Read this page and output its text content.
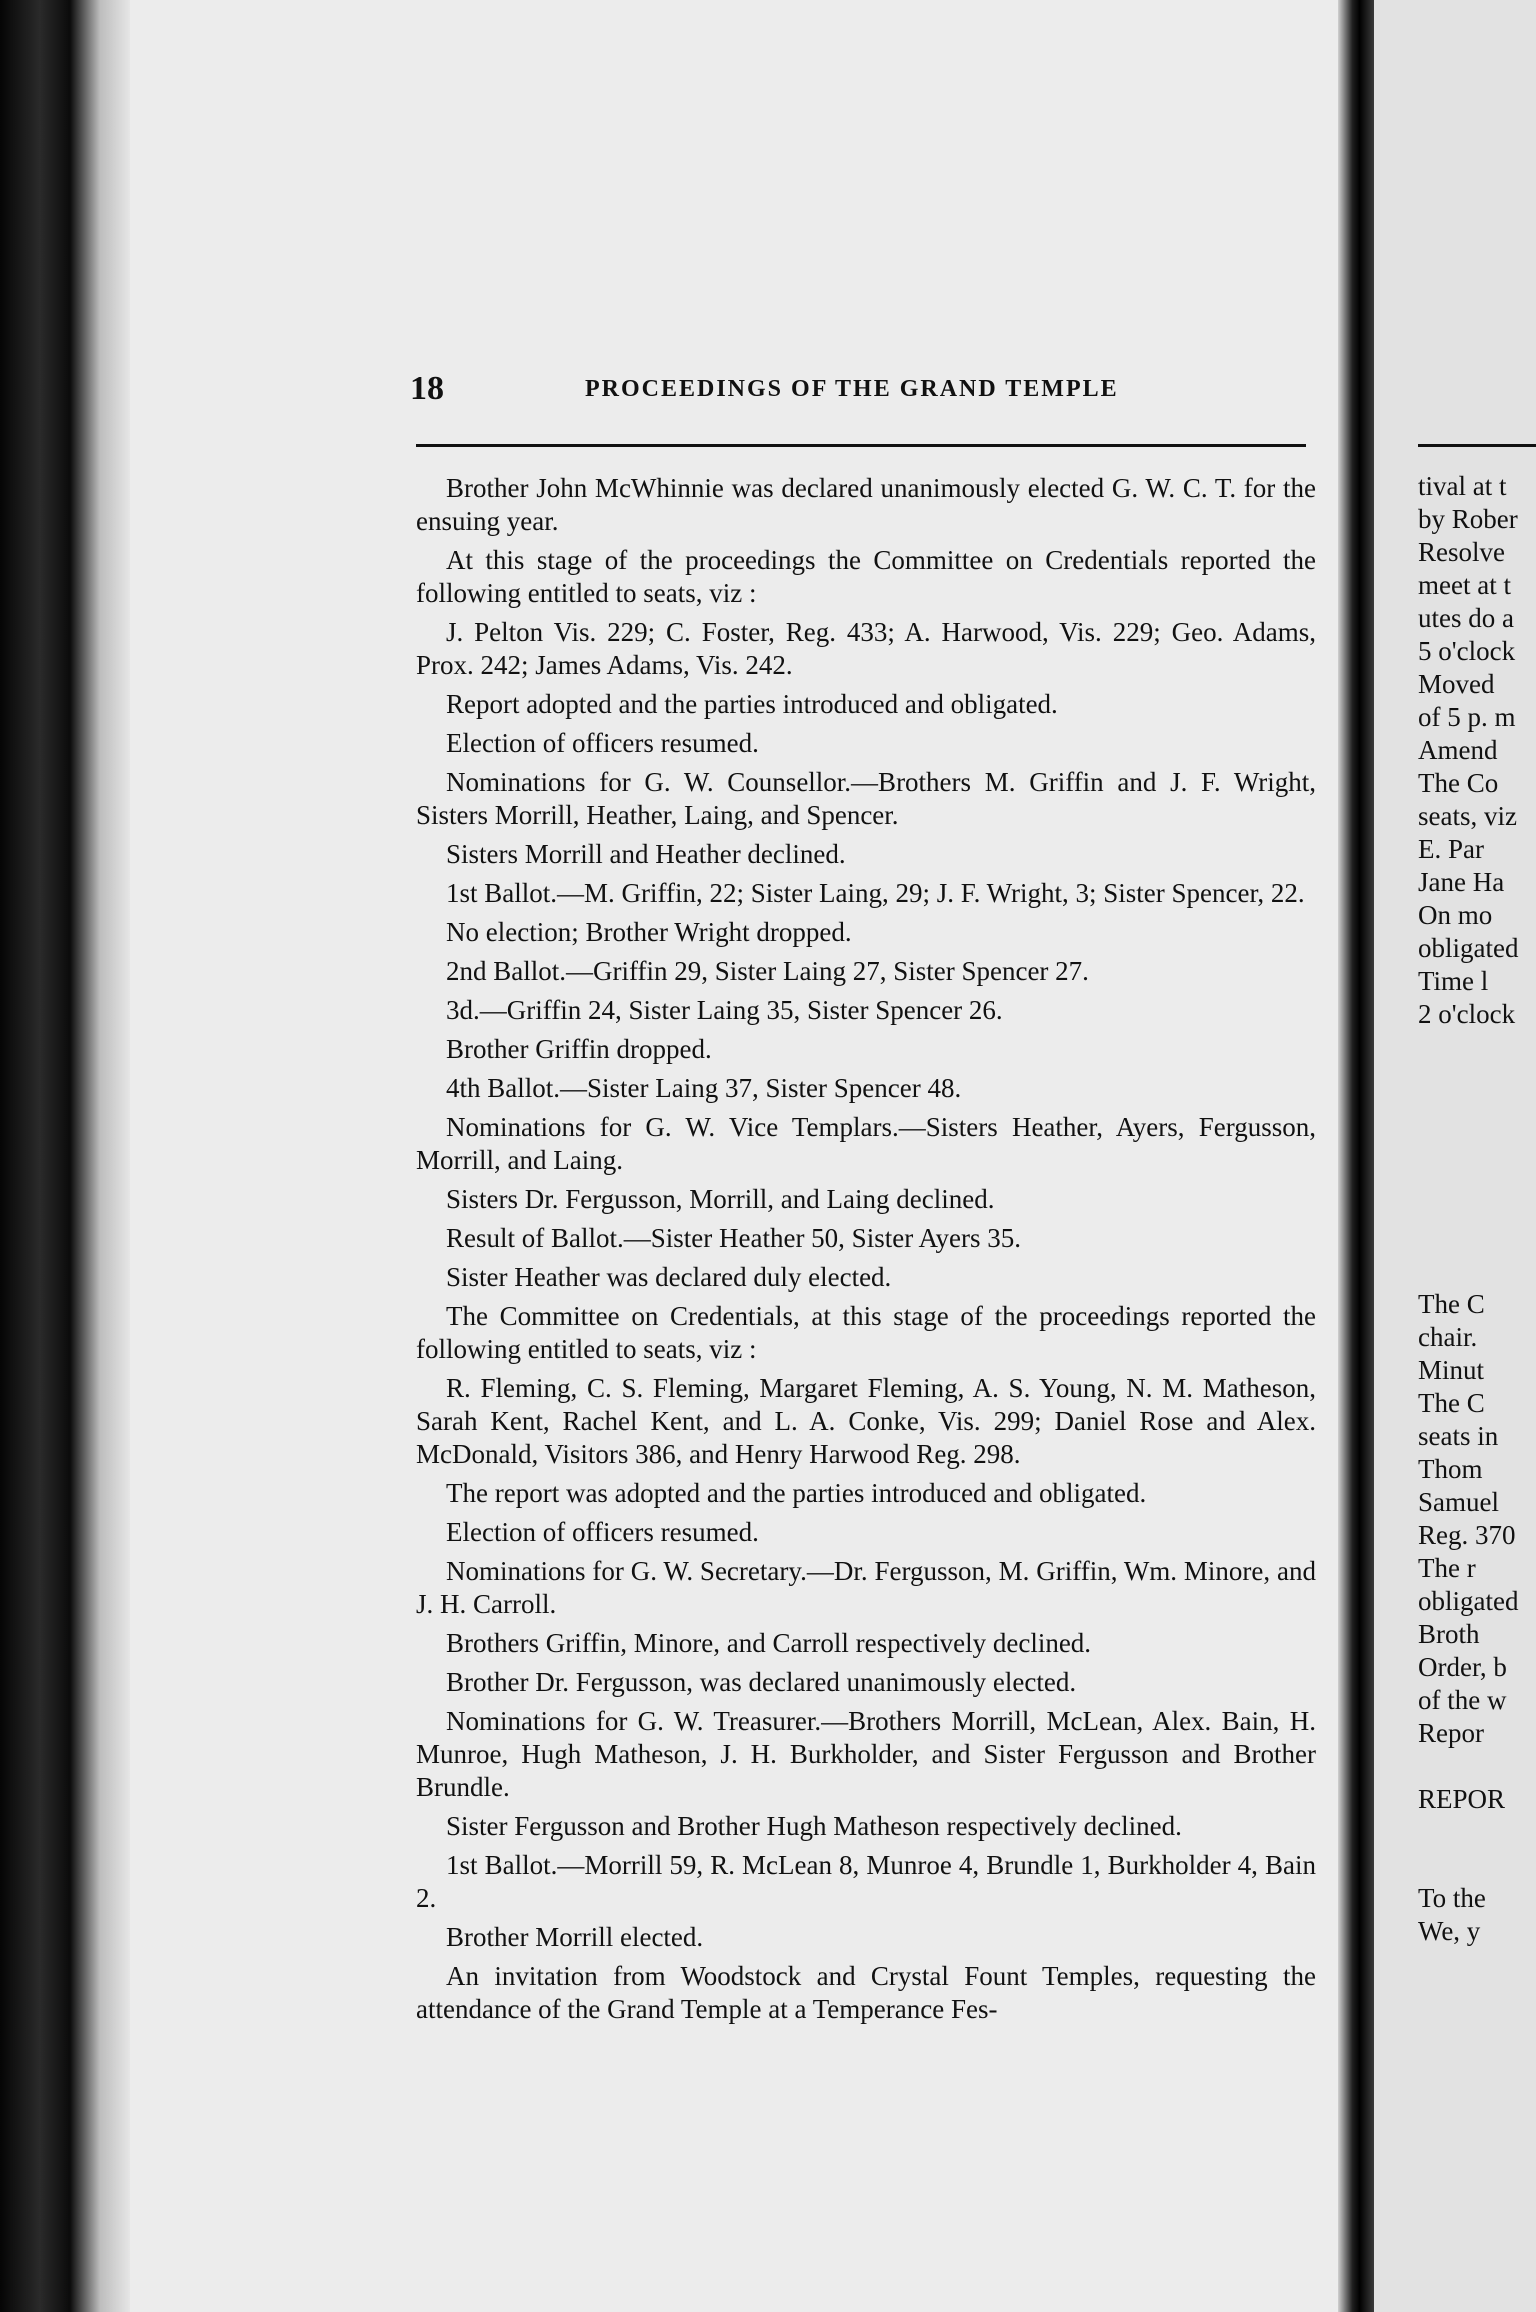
tival at t
by Rober
Resolve
meet at t
utes do a
5 o'clock
Moved
of 5 p. m
Amend
The Co
seats, viz
E. Par
Jane Ha
On mo
obligated
Time l
2 o'clock
The C
chair.
Minut
The C
seats in
Thom
Samuel
Reg. 370
The r
obligated
Broth
Order, b
of the w
Repor
REPOR
To the
We, y
18	PROCEEDINGS OF THE GRAND TEMPLE

Brother John McWhinnie was declared unanimously elected G. W. C. T. for the ensuing year.

At this stage of the proceedings the Committee on Credentials reported the following entitled to seats, viz :

J. Pelton Vis. 229; C. Foster, Reg. 433; A. Harwood, Vis. 229; Geo. Adams, Prox. 242; James Adams, Vis. 242.

Report adopted and the parties introduced and obligated.

Election of officers resumed.

Nominations for G. W. Counsellor.—Brothers M. Griffin and J. F. Wright, Sisters Morrill, Heather, Laing, and Spencer.

Sisters Morrill and Heather declined.

1st Ballot.—M. Griffin, 22; Sister Laing, 29; J. F. Wright, 3; Sister Spencer, 22.

No election; Brother Wright dropped.

2nd Ballot.—Griffin 29, Sister Laing 27, Sister Spencer 27.

3d.—Griffin 24, Sister Laing 35, Sister Spencer 26.

Brother Griffin dropped.

4th Ballot.—Sister Laing 37, Sister Spencer 48.

Nominations for G. W. Vice Templars.—Sisters Heather, Ayers, Fergusson, Morrill, and Laing.

Sisters Dr. Fergusson, Morrill, and Laing declined.

Result of Ballot.—Sister Heather 50, Sister Ayers 35.

Sister Heather was declared duly elected.

The Committee on Credentials, at this stage of the proceedings reported the following entitled to seats, viz :

R. Fleming, C. S. Fleming, Margaret Fleming, A. S. Young, N. M. Matheson, Sarah Kent, Rachel Kent, and L. A. Conke, Vis. 299; Daniel Rose and Alex. McDonald, Visitors 386, and Henry Harwood Reg. 298.

The report was adopted and the parties introduced and obligated.

Election of officers resumed.

Nominations for G. W. Secretary.—Dr. Fergusson, M. Griffin, Wm. Minore, and J. H. Carroll.

Brothers Griffin, Minore, and Carroll respectively declined.

Brother Dr. Fergusson, was declared unanimously elected.

Nominations for G. W. Treasurer.—Brothers Morrill, McLean, Alex. Bain, H. Munroe, Hugh Matheson, J. H. Burkholder, and Sister Fergusson and Brother Brundle.

Sister Fergusson and Brother Hugh Matheson respectively declined.

1st Ballot.—Morrill 59, R. McLean 8, Munroe 4, Brundle 1, Burkholder 4, Bain 2.

Brother Morrill elected.

An invitation from Woodstock and Crystal Fount Temples, requesting the attendance of the Grand Temple at a Temperance Fes-
